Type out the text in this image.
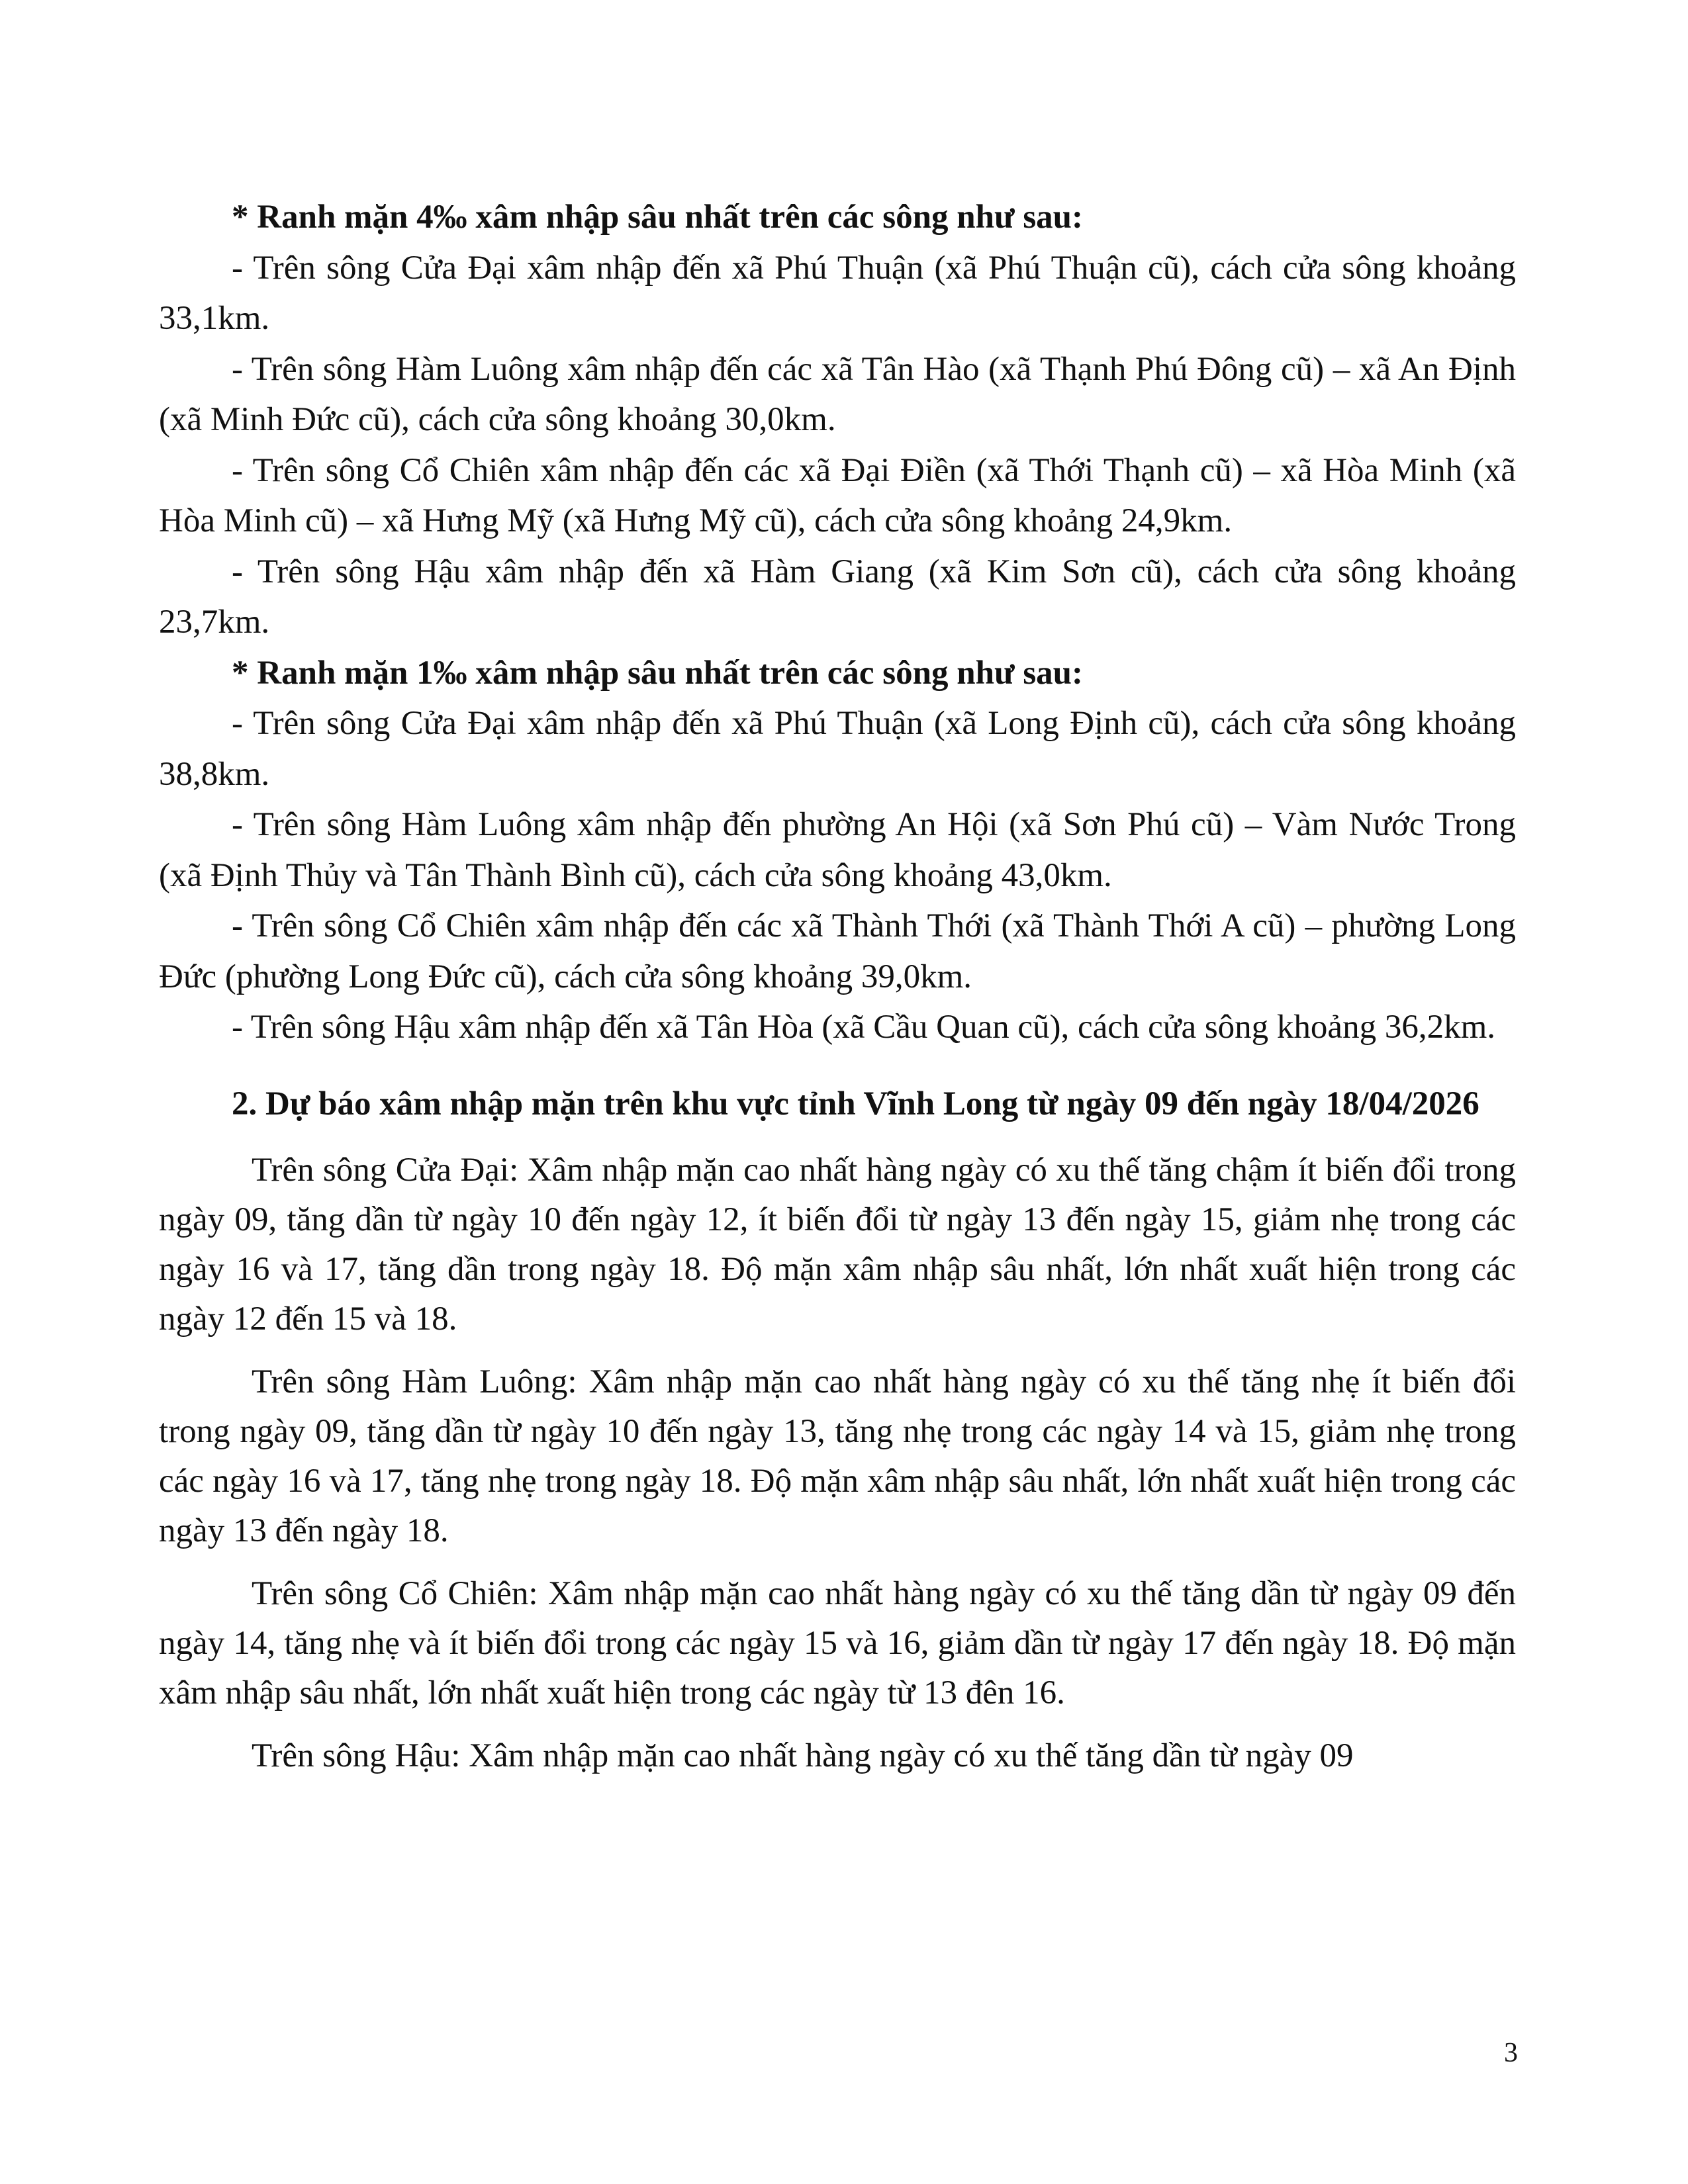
* Ranh mặn 4‰ xâm nhập sâu nhất trên các sông như sau:

- Trên sông Cửa Đại xâm nhập đến xã Phú Thuận (xã Phú Thuận cũ), cách cửa sông khoảng 33,1km.

- Trên sông Hàm Luông xâm nhập đến các xã Tân Hào (xã Thạnh Phú Đông cũ) – xã An Định (xã Minh Đức cũ), cách cửa sông khoảng 30,0km.

- Trên sông Cổ Chiên xâm nhập đến các xã Đại Điền (xã Thới Thạnh cũ) – xã Hòa Minh (xã Hòa Minh cũ) – xã Hưng Mỹ (xã Hưng Mỹ cũ), cách cửa sông khoảng 24,9km.

- Trên sông Hậu xâm nhập đến xã Hàm Giang (xã Kim Sơn cũ), cách cửa sông khoảng 23,7km.

* Ranh mặn 1‰ xâm nhập sâu nhất trên các sông như sau:

- Trên sông Cửa Đại xâm nhập đến xã Phú Thuận (xã Long Định cũ), cách cửa sông khoảng 38,8km.

- Trên sông Hàm Luông xâm nhập đến phường An Hội (xã Sơn Phú cũ) – Vàm Nước Trong (xã Định Thủy và Tân Thành Bình cũ), cách cửa sông khoảng 43,0km.

- Trên sông Cổ Chiên xâm nhập đến các xã Thành Thới (xã Thành Thới A cũ) – phường Long Đức (phường Long Đức cũ), cách cửa sông khoảng 39,0km.

- Trên sông Hậu xâm nhập đến xã Tân Hòa (xã Cầu Quan cũ), cách cửa sông khoảng 36,2km.

2. Dự báo xâm nhập mặn trên khu vực tỉnh Vĩnh Long từ ngày 09 đến ngày 18/04/2026

Trên sông Cửa Đại: Xâm nhập mặn cao nhất hàng ngày có xu thế tăng chậm ít biến đổi trong ngày 09, tăng dần từ ngày 10 đến ngày 12, ít biến đổi từ ngày 13 đến ngày 15, giảm nhẹ trong các ngày 16 và 17, tăng dần trong ngày 18. Độ mặn xâm nhập sâu nhất, lớn nhất xuất hiện trong các ngày 12 đến 15 và 18.

Trên sông Hàm Luông: Xâm nhập mặn cao nhất hàng ngày có xu thế tăng nhẹ ít biến đổi trong ngày 09, tăng dần từ ngày 10 đến ngày 13, tăng nhẹ trong các ngày 14 và 15, giảm nhẹ trong các ngày 16 và 17, tăng nhẹ trong ngày 18. Độ mặn xâm nhập sâu nhất, lớn nhất xuất hiện trong các ngày 13 đến ngày 18.

Trên sông Cổ Chiên: Xâm nhập mặn cao nhất hàng ngày có xu thế tăng dần từ ngày 09 đến ngày 14, tăng nhẹ và ít biến đổi trong các ngày 15 và 16, giảm dần từ ngày 17 đến ngày 18. Độ mặn xâm nhập sâu nhất, lớn nhất xuất hiện trong các ngày từ 13 đên 16.

Trên sông Hậu: Xâm nhập mặn cao nhất hàng ngày có xu thế tăng dần từ ngày 09

3
